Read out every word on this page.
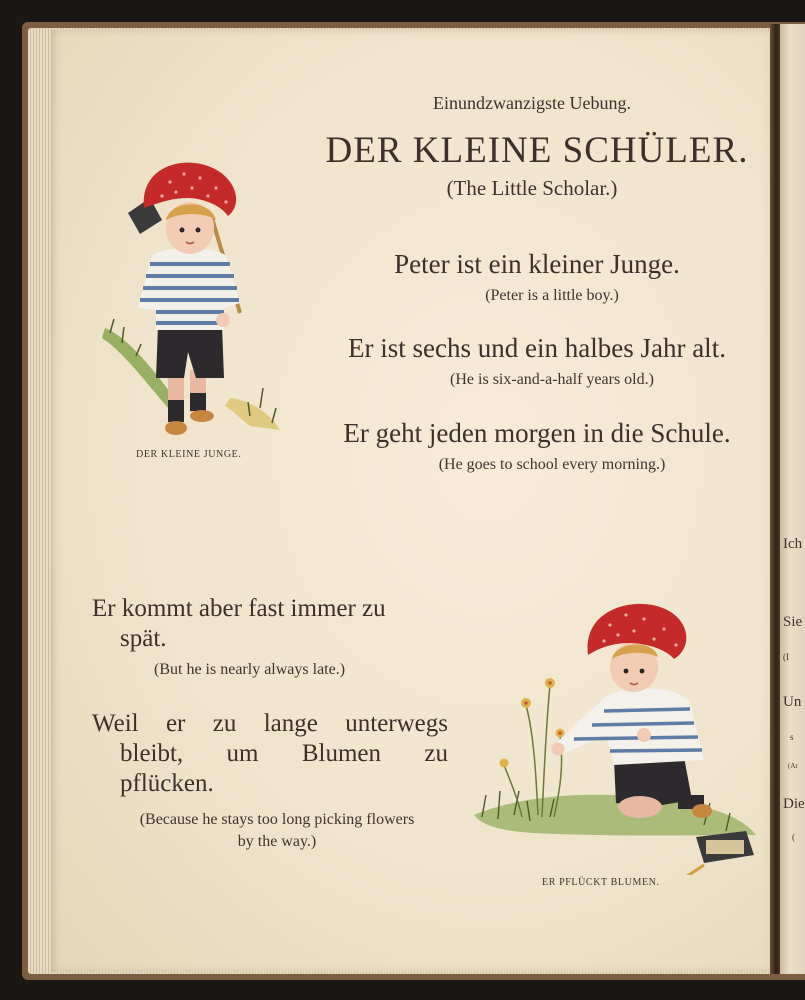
Einundzwanzigste Uebung.

DER KLEINE SCHÜLER.

(The Little Scholar.)

Peter ist ein kleiner Junge.

(Peter is a little boy.)

Er ist sechs und ein halbes Jahr alt.

(He is six-and-a-half years old.)

Er geht jeden morgen in die Schule.

(He goes to school every morning.)

Er kommt aber fast immer zu

spät.

(But he is nearly always late.)

Weil er zu lange unterwegs

bleibt, um Blumen zu

pflücken.

(Because he stays too long picking flowers

by the way.)

DER KLEINE JUNGE.

ER PFLÜCKT BLUMEN.

Ich
Sie
(I
Un
s
(Ar
Die
(
